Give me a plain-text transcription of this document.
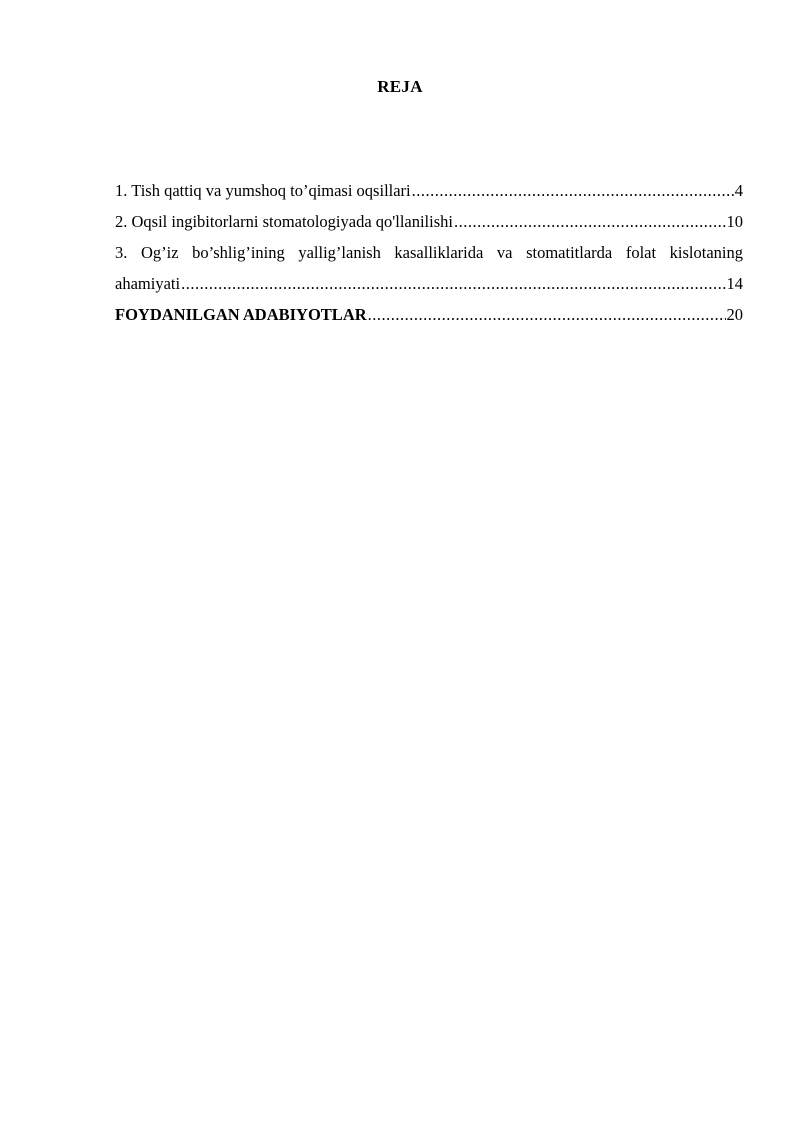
REJA
1. Tish qattiq va yumshoq to’qimasi oqsillari .....	4
2. Oqsil ingibitorlarni stomatologiyada qo'llanilishi .....	10
3. Og’iz bo’shlig’ining yallig’lanish kasalliklarida va stomatitlarda folat kislotaning
ahamiyati .....	14
FOYDANILGAN ADABIYOTLAR .....	20
